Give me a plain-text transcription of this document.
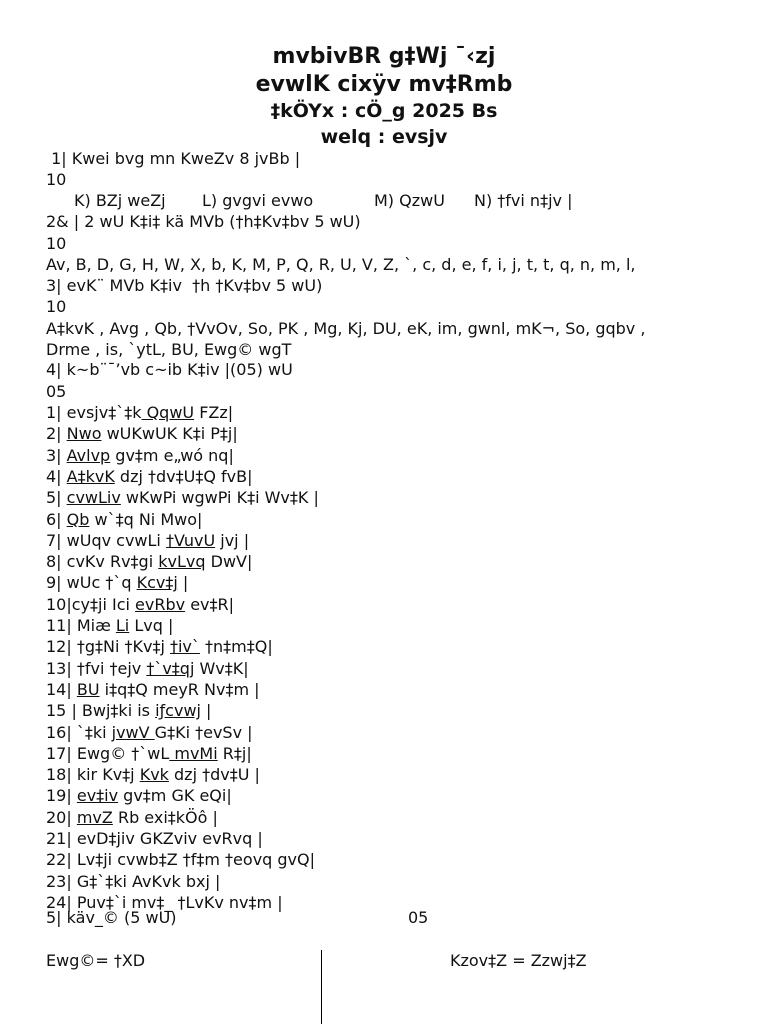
mvbivBR g‡Wj ¯‹zj
evwlK cixÿv mv‡Rmb
‡kÖYx : cÖ_g 2025 Bs
welq : evsjv
1| Kwei bvg mn KweZv 8 jvBb |
10
K) BZj weZj L) gvgvi evwo	M) QzwU N) †fvi n‡jv |
2& | 2 wU K‡i‡ kä MVb (†h‡Kv‡bv 5 wU)
10
Av, B, D, G, H, W, X, b, K, M, P, Q, R, U, V, Z, `, c, d, e, f, i, j, t, t, q, n, m, l,
3| evK¨ MVb K‡iv  †h †Kv‡bv 5 wU)
10
A‡kvK , Avg , Qb, †VvOv, So, PK , Mg, Kj, DU, eK, im, gwnl, mK¬, So, gqbv ,
Drme , is, `ytL, BU, Ewg© wgT
4| k~b¨¯’vb c~ib K‡iv |(05) wU
05
1| evsjv‡`‡k QqwU FZz|
2| Nwo wUKwUK K‡i P‡j|
3| Avlvp gv‡m e„wó nq|
4| A‡kvK dzj †dv‡U‡Q fvB|
5| cvwLiv wKwPi wgwPi K‡i Wv‡K |
6| Qb w`‡q Ni Mwo|
7| wUqv cvwLi †VuvU jvj |
8| cvKv Rv‡gi kvLvq DwV|
9| wUc †`q Kcv‡j |
10|cy‡ji Ici evRbv ev‡R|
11| Miæ Li Lvq |
12| †g‡Ni †Kv‡j †iv` †n‡m‡Q|
13| †fvi †ejv †`v‡qj Wv‡K|
14| BU i‡q‡Q meyR Nv‡m |
15 | Bwj‡ki is iƒcvwj |
16| `‡ki jvwV G‡Ki †evSv |
17| Ewg© †`wL mvMi R‡j|
18| kir Kv‡j Kvk dzj †dv‡U |
19| ev‡iv gv‡m GK eQi|
20| mvZ Rb exi‡kÖô |
21| evD‡jiv GKZviv evRvq |
22| Lv‡ji cvwb‡Z †f‡m †eovq gvQ|
23| G‡`‡ki AvKvk bxj |
24| Puv‡`i mv‡_ †LvKv nv‡m |
5| käv_© (5 wU)	05
Ewg©= †XD	Kzov‡Z = Zzwj‡Z
